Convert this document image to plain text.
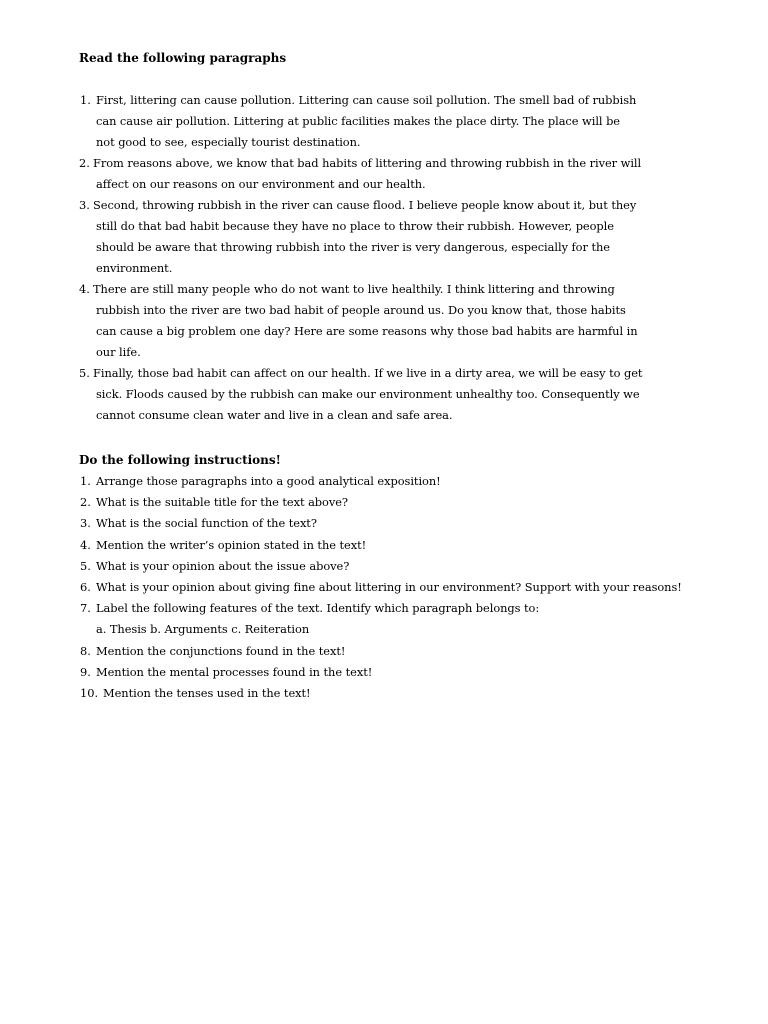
Read the following paragraphs
1. First, littering can cause pollution. Littering can cause soil pollution. The smell bad of rubbish
can cause air pollution. Littering at public facilities makes the place dirty. The place will be
not good to see, especially tourist destination.
2. From reasons above, we know that bad habits of littering and throwing rubbish in the river will
affect on our reasons on our environment and our health.
3. Second, throwing rubbish in the river can cause flood. I believe people know about it, but they
still do that bad habit because they have no place to throw their rubbish. However, people
should be aware that throwing rubbish into the river is very dangerous, especially for the
environment.
4. There are still many people who do not want to live healthily. I think littering and throwing
rubbish into the river are two bad habit of people around us. Do you know that, those habits
can cause a big problem one day? Here are some reasons why those bad habits are harmful in
our life.
5. Finally, those bad habit can affect on our health. If we live in a dirty area, we will be easy to get
sick. Floods caused by the rubbish can make our environment unhealthy too. Consequently we
cannot consume clean water and live in a clean and safe area.
Do the following instructions!
1. Arrange those paragraphs into a good analytical exposition!
2. What is the suitable title for the text above?
3. What is the social function of the text?
4. Mention the writer’s opinion stated in the text!
5. What is your opinion about the issue above?
6. What is your opinion about giving fine about littering in our environment? Support with your reasons!
7. Label the following features of the text. Identify which paragraph belongs to:
a. Thesis b. Arguments c. Reiteration
8. Mention the conjunctions found in the text!
9. Mention the mental processes found in the text!
10. Mention the tenses used in the text!
